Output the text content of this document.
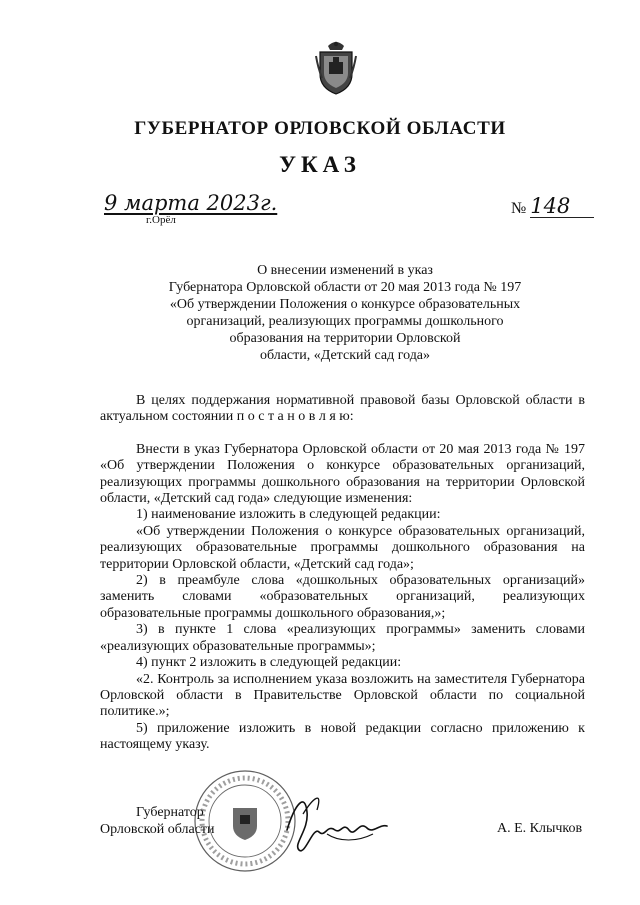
ГУБЕРНАТОР ОРЛОВСКОЙ ОБЛАСТИ
УКАЗ
9 марта 2023г.
г.Орёл
№ 148
О внесении изменений в указ
Губернатора Орловской области от 20 мая 2013 года № 197
«Об утверждении Положения о конкурсе образовательных
организаций, реализующих программы дошкольного
образования на территории Орловской
области, «Детский сад года»

В целях поддержания нормативной правовой базы Орловской области в актуальном состоянии п о с т а н о в л я ю:

Внести в указ Губернатора Орловской области от 20 мая 2013 года № 197 «Об утверждении Положения о конкурсе образовательных организаций, реализующих программы дошкольного образования на территории Орловской области, «Детский сад года» следующие изменения:

1) наименование изложить в следующей редакции:

«Об утверждении Положения о конкурсе образовательных организаций, реализующих образовательные программы дошкольного образования на территории Орловской области, «Детский сад года»;

2) в преамбуле слова «дошкольных образовательных организаций» заменить словами «образовательных организаций, реализующих образовательные программы дошкольного образования,»;

3) в пункте 1 слова «реализующих программы» заменить словами «реализующих образовательные программы»;

4) пункт 2 изложить в следующей редакции:

«2. Контроль за исполнением указа возложить на заместителя Губернатора Орловской области в Правительстве Орловской области по социальной политике.»;

5) приложение изложить в новой редакции согласно приложению к настоящему указу.

Губернатор
Орловской области	А. Е. Клычков
